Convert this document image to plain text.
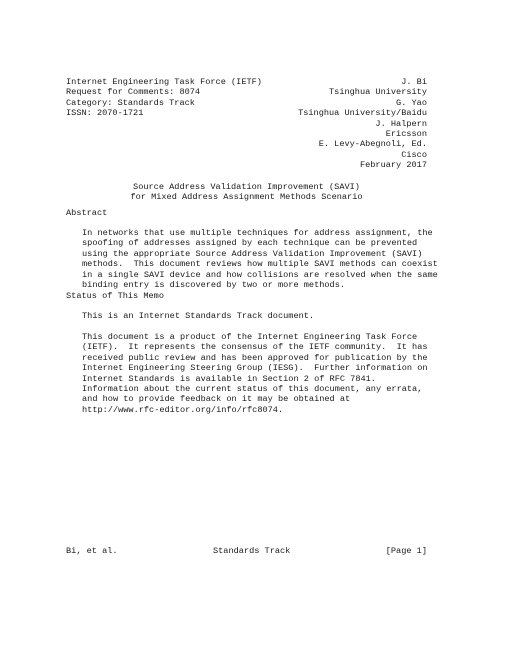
Internet Engineering Task Force (IETF)	J. Bi
Request for Comments: 8074	Tsinghua University
Category: Standards Track	G. Yao
ISSN: 2070-1721	Tsinghua University/Baidu
J. Halpern
Ericsson
E. Levy-Abegnoli, Ed.
Cisco
February 2017
Source Address Validation Improvement (SAVI)
for Mixed Address Assignment Methods Scenario
Abstract
In networks that use multiple techniques for address assignment, the
spoofing of addresses assigned by each technique can be prevented
using the appropriate Source Address Validation Improvement (SAVI)
methods.  This document reviews how multiple SAVI methods can coexist
in a single SAVI device and how collisions are resolved when the same
binding entry is discovered by two or more methods.
Status of This Memo
This is an Internet Standards Track document.
This document is a product of the Internet Engineering Task Force
(IETF).  It represents the consensus of the IETF community.  It has
received public review and has been approved for publication by the
Internet Engineering Steering Group (IESG).  Further information on
Internet Standards is available in Section 2 of RFC 7841.
Information about the current status of this document, any errata,
and how to provide feedback on it may be obtained at
http://www.rfc-editor.org/info/rfc8074.
Bi, et al.	Standards Track	[Page 1]
